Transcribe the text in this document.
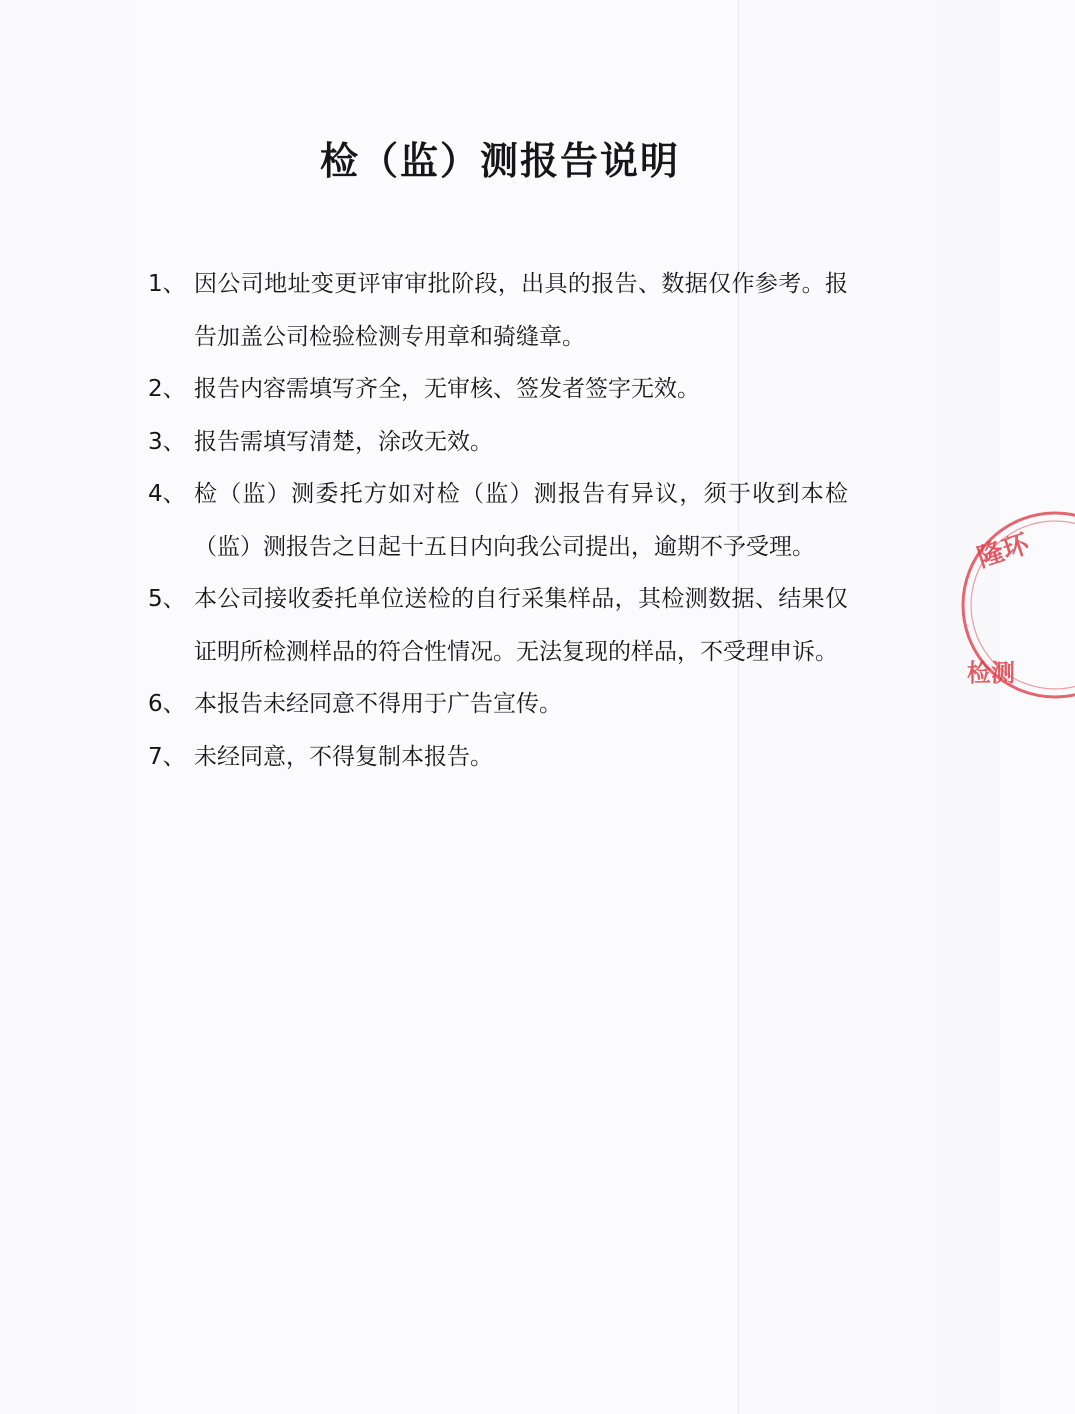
检（监）测报告说明
1、 因公司地址变更评审审批阶段，出具的报告、数据仅作参考。报告加盖公司检验检测专用章和骑缝章。
2、 报告内容需填写齐全，无审核、签发者签字无效。
3、 报告需填写清楚，涂改无效。
4、 检（监）测委托方如对检（监）测报告有异议，须于收到本检（监）测报告之日起十五日内向我公司提出，逾期不予受理。
5、 本公司接收委托单位送检的自行采集样品，其检测数据、结果仅证明所检测样品的符合性情况。无法复现的样品，不受理申诉。
6、 本报告未经同意不得用于广告宣传。
7、 未经同意，不得复制本报告。
隆环
检测
